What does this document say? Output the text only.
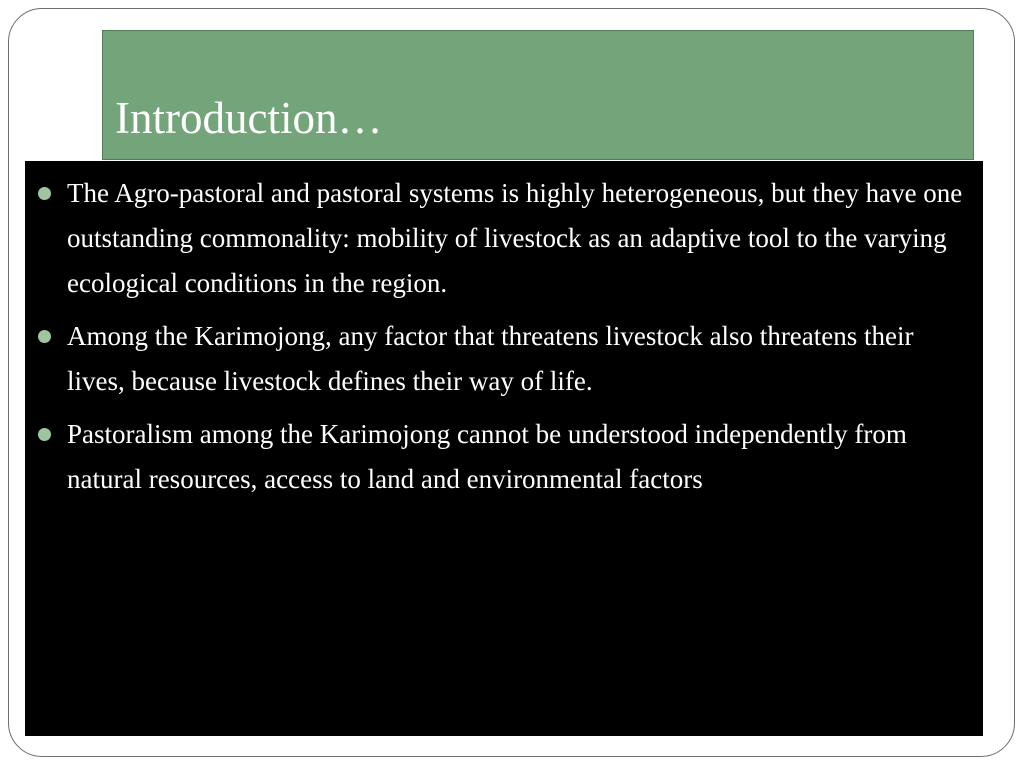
Introduction…
The Agro-pastoral and pastoral systems is highly heterogeneous, but they have one outstanding commonality: mobility of livestock as an adaptive tool to the varying ecological conditions in the region.
Among the Karimojong, any factor that threatens livestock also threatens their lives, because livestock defines their way of life.
Pastoralism among the Karimojong cannot be understood independently from natural resources, access to land and environmental factors
